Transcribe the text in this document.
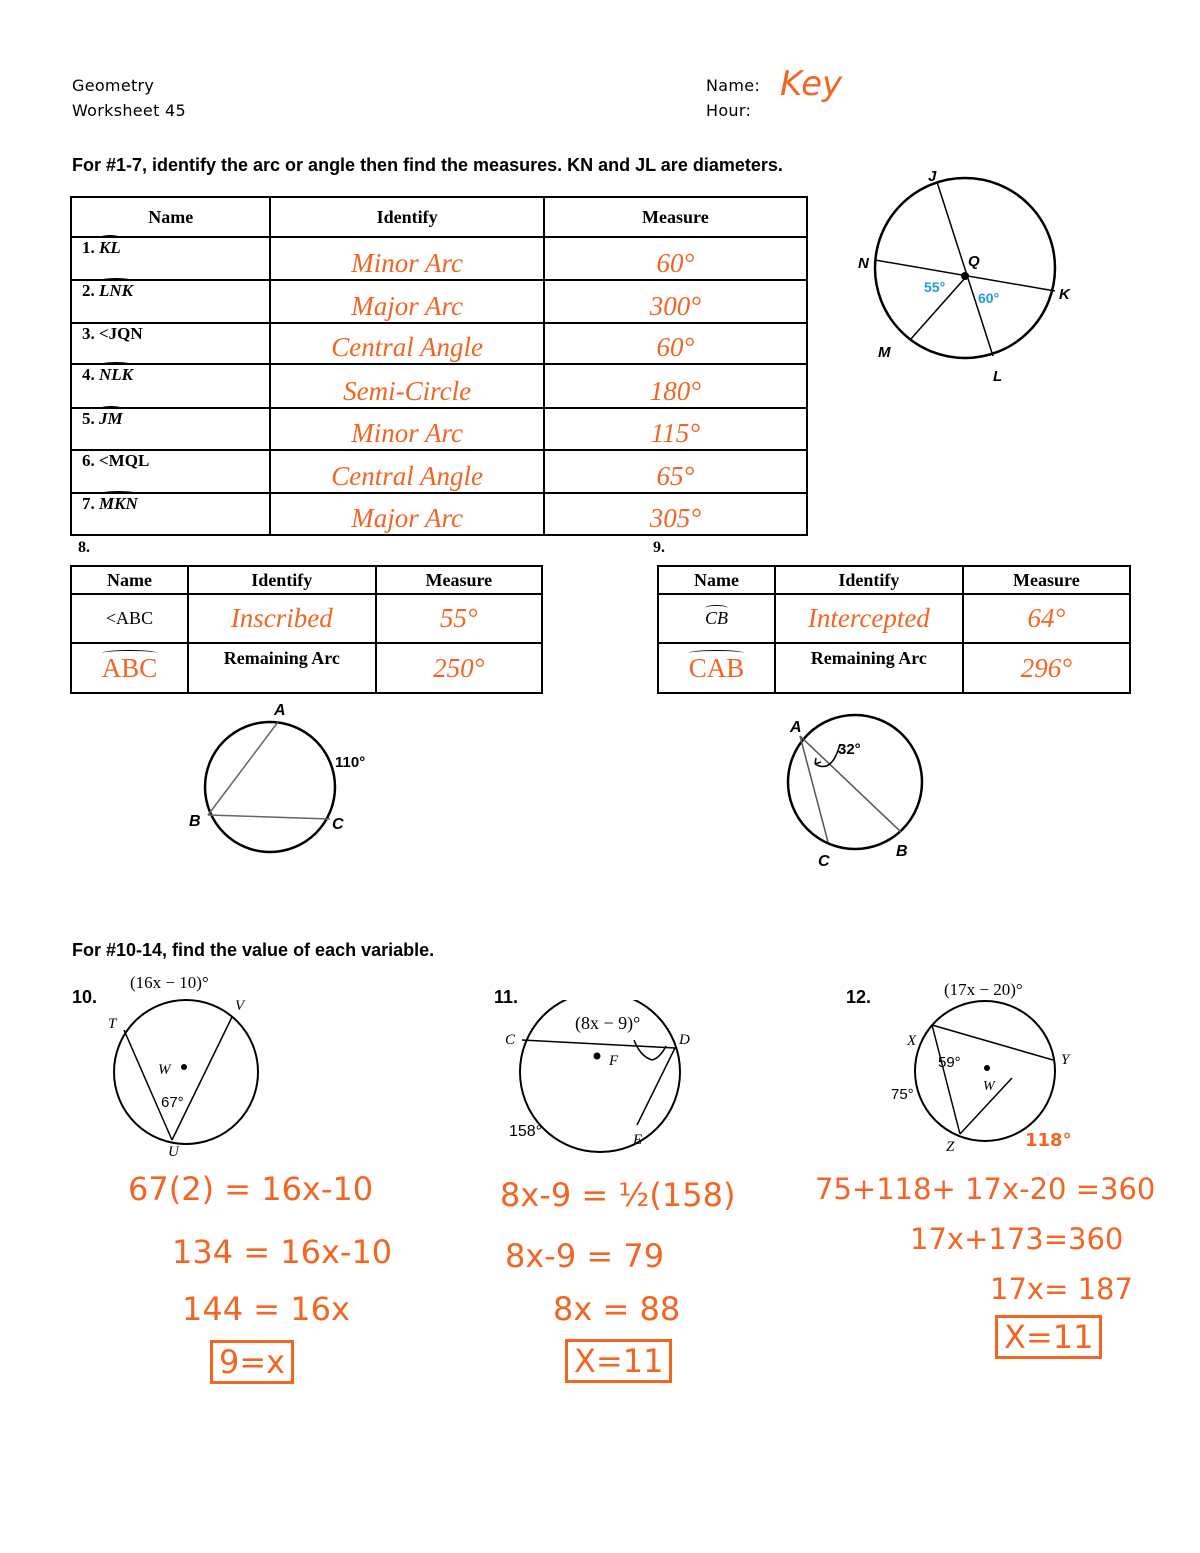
Geometry
Worksheet 45
Name: Key
Hour:
For #1-7, identify the arc or angle then find the measures. KN and JL are diameters.
Name	Identify	Measure
1. KL	Minor Arc	60°
2. LNK	Major Arc	300°
3. <JQN	Central Angle	60°
4. NLK	Semi-Circle	180°
5. JM	Minor Arc	115°
6. <MQL	Central Angle	65°
7. MKN	Major Arc	305°
J
N	Q
K
M
L
55°
60°
8.
Name	Identify	Measure
<ABC	Inscribed	55°
ABC	Remaining Arc	250°
A
B	C
110°
9.
Name	Identify	Measure
CB	Intercepted	64°
CAB	Remaining Arc	296°
A
C
B
32°
For #10-14, find the value of each variable.
10.
(16x − 10)°
T
V
W
U
67°
67(2) = 16x-10
134 = 16x-10
144 = 16x
9=x
11.
C	D
F
E
158°
(8x − 9)°
8x-9 = ½(158)
8x-9 = 79
8x = 88
X=11
12.	(17x − 20)°
X
Y
W
Z
59°
75°
118°
75+118+ 17x-20 =360
17x+173=360
17x= 187
X=11
